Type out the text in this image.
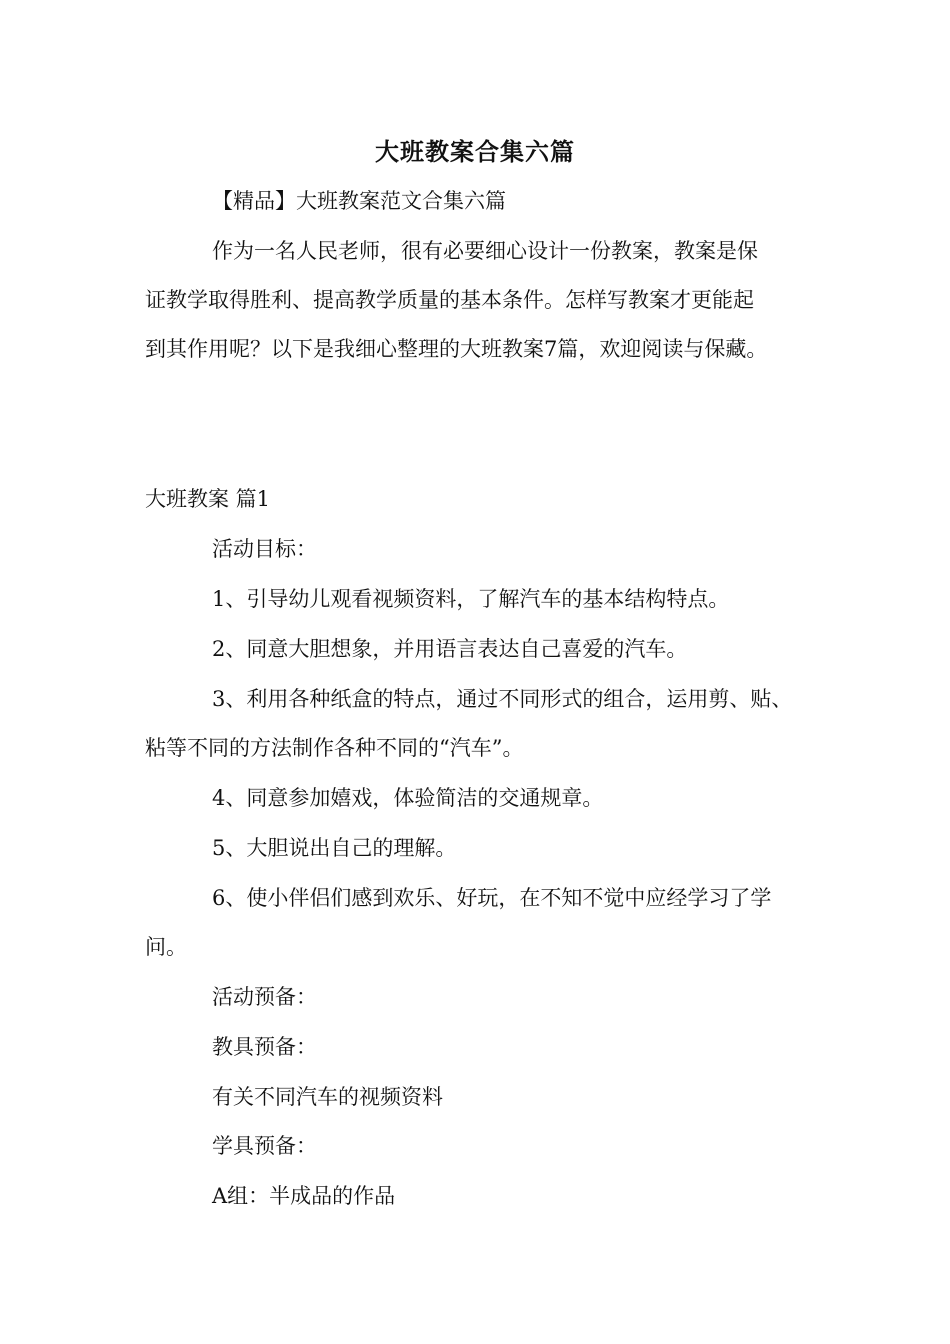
大班教案合集六篇
【精品】大班教案范文合集六篇
作为一名人民老师，很有必要细心设计一份教案，教案是保
证教学取得胜利、提高教学质量的基本条件。怎样写教案才更能起
到其作用呢？以下是我细心整理的大班教案7篇，欢迎阅读与保藏。
大班教案 篇1
活动目标：
1、引导幼儿观看视频资料，了解汽车的基本结构特点。
2、同意大胆想象，并用语言表达自己喜爱的汽车。
3、利用各种纸盒的特点，通过不同形式的组合，运用剪、贴、
粘等不同的方法制作各种不同的“汽车”。
4、同意参加嬉戏，体验简洁的交通规章。
5、大胆说出自己的理解。
6、使小伴侣们感到欢乐、好玩，在不知不觉中应经学习了学
问。
活动预备：
教具预备：
有关不同汽车的视频资料
学具预备：
A组：半成品的作品
